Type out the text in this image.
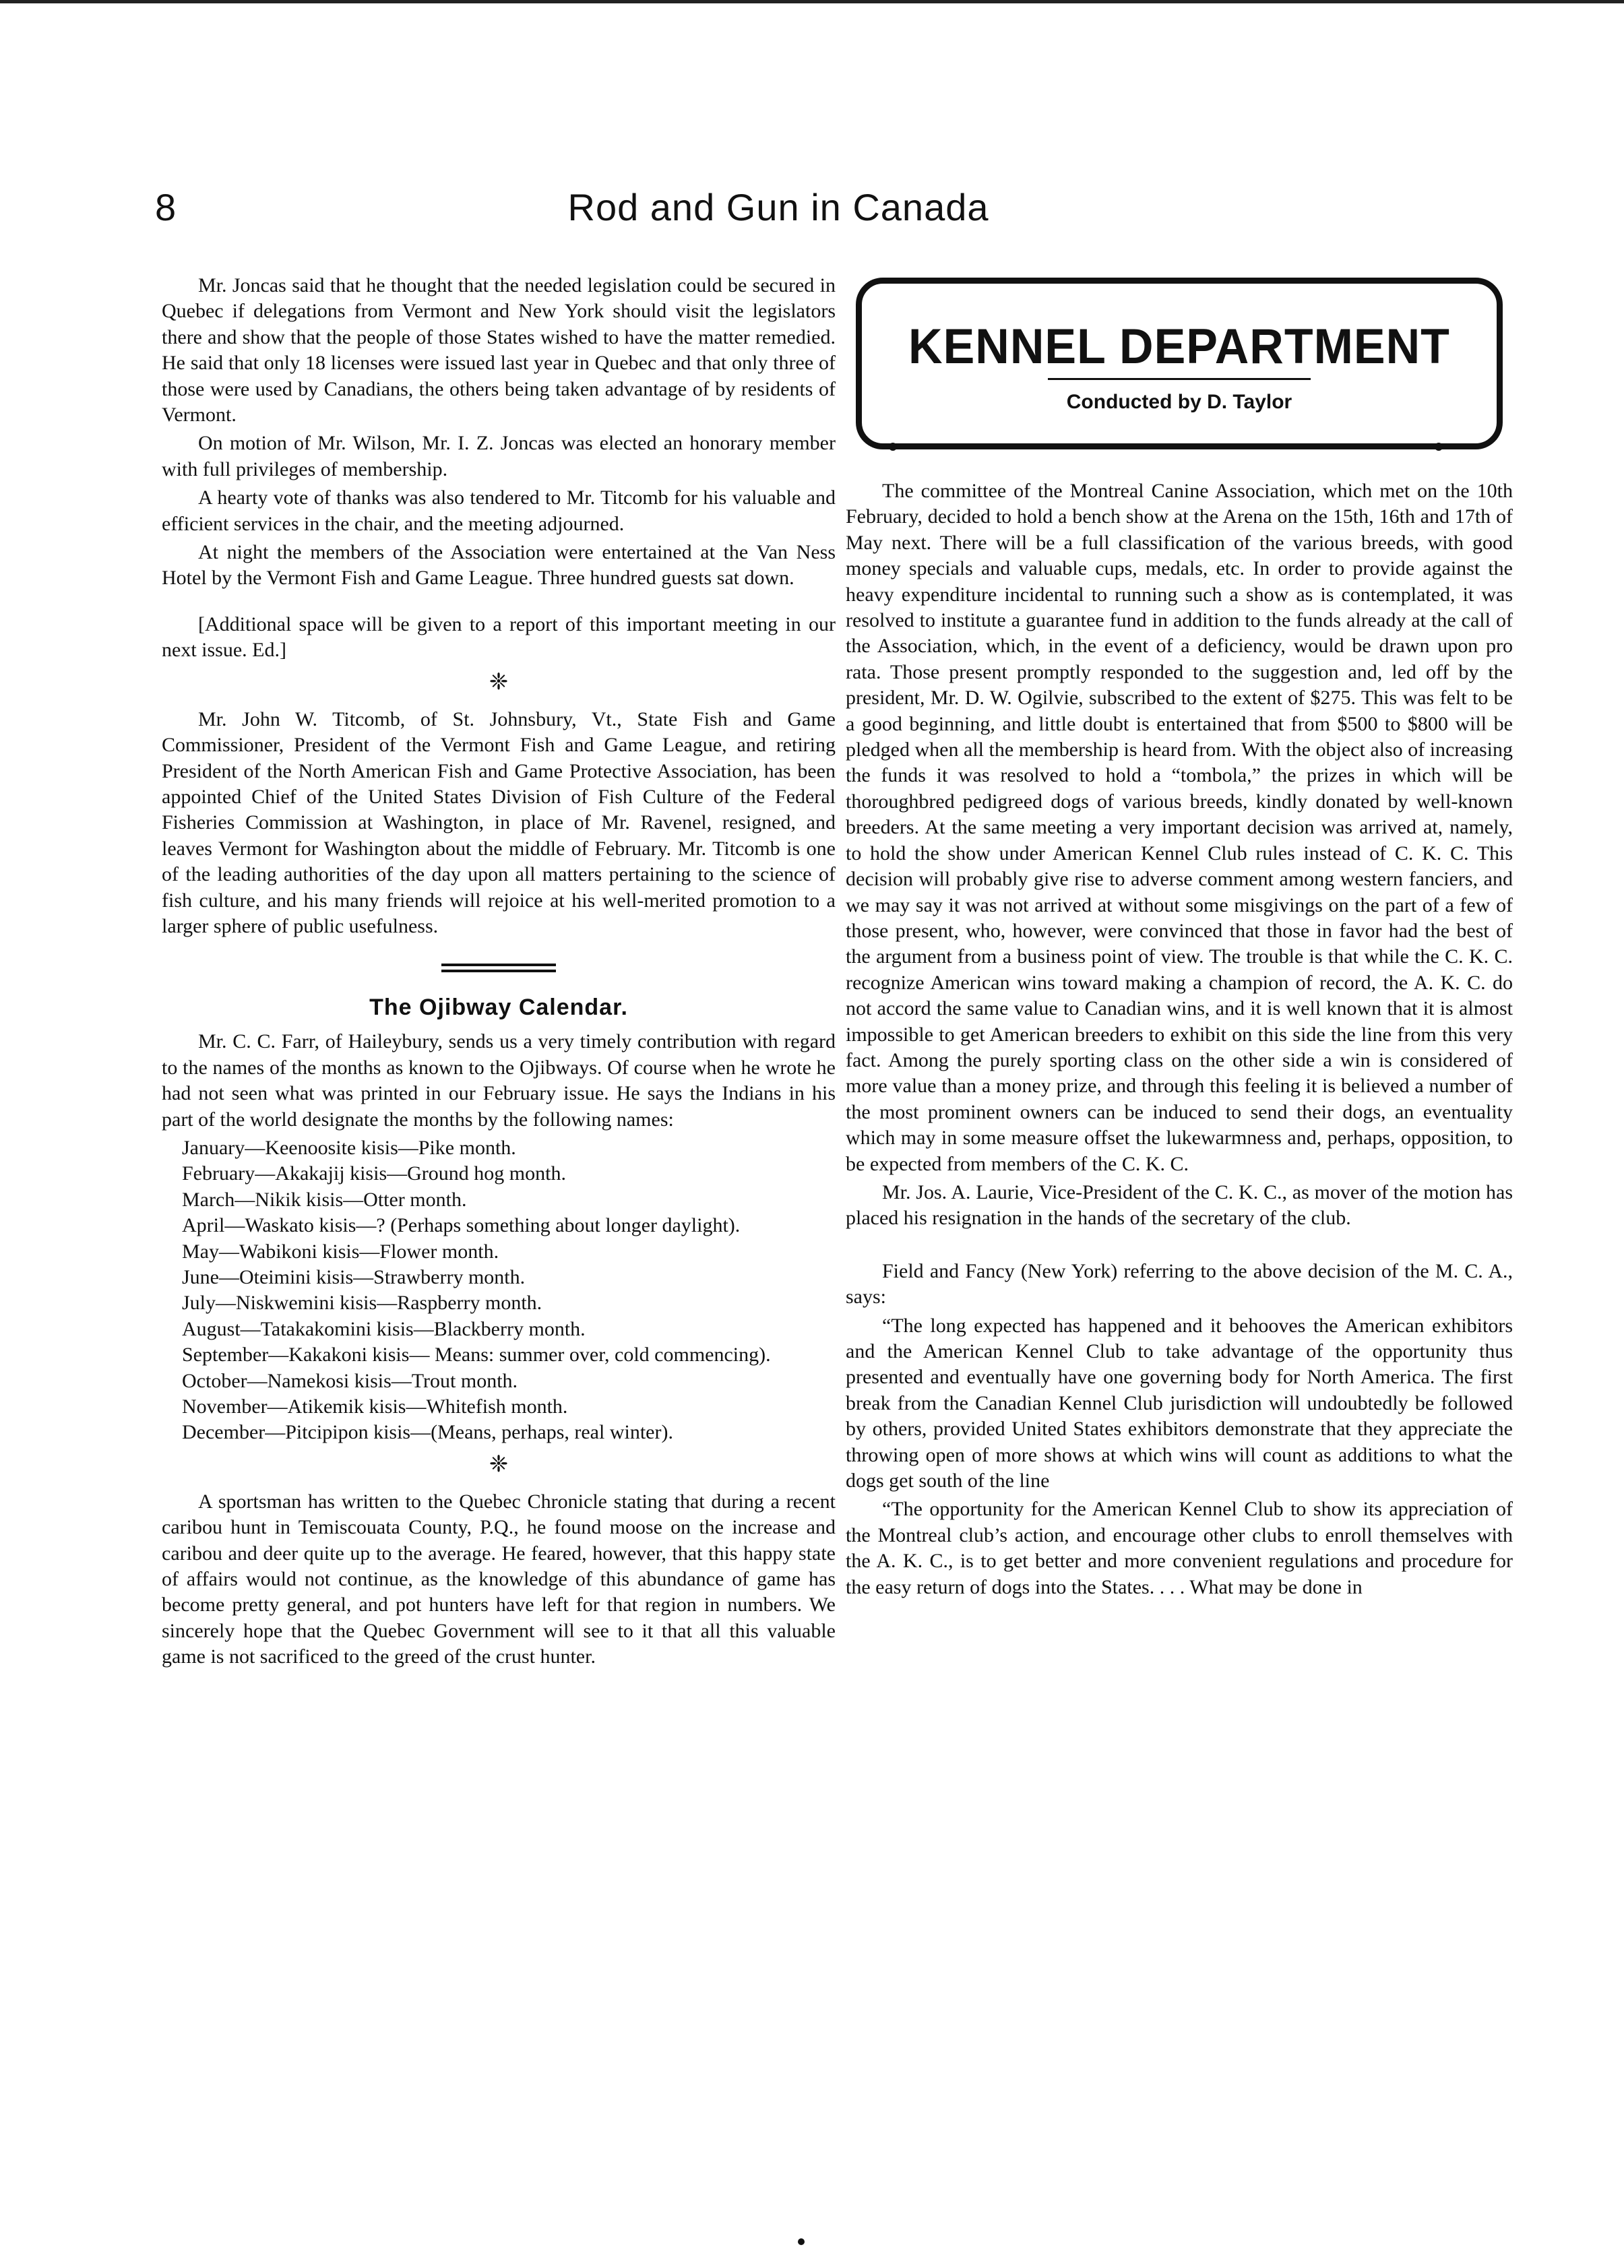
8	Rod and Gun in Canada

Mr. Joncas said that he thought that the needed legislation could be secured in Quebec if delegations from Vermont and New York should visit the legislators there and show that the people of those States wished to have the matter remedied. He said that only 18 licenses were issued last year in Quebec and that only three of those were used by Canadians, the others being taken advantage of by residents of Vermont.

On motion of Mr. Wilson, Mr. I. Z. Joncas was elected an honorary member with full privileges of membership.

A hearty vote of thanks was also tendered to Mr. Titcomb for his valuable and efficient services in the chair, and the meeting adjourned.

At night the members of the Association were entertained at the Van Ness Hotel by the Vermont Fish and Game League. Three hundred guests sat down.

[Additional space will be given to a report of this important meeting in our next issue. Ed.]

❈

Mr. John W. Titcomb, of St. Johnsbury, Vt., State Fish and Game Commissioner, President of the Vermont Fish and Game League, and retiring President of the North American Fish and Game Protective Association, has been appointed Chief of the United States Division of Fish Culture of the Federal Fisheries Commission at Washington, in place of Mr. Ravenel, resigned, and leaves Vermont for Washington about the middle of February. Mr. Titcomb is one of the leading authorities of the day upon all matters pertaining to the science of fish culture, and his many friends will rejoice at his well-merited promotion to a larger sphere of public usefulness.

The Ojibway Calendar.

Mr. C. C. Farr, of Haileybury, sends us a very timely contribution with regard to the names of the months as known to the Ojibways. Of course when he wrote he had not seen what was printed in our February issue. He says the Indians in his part of the world designate the months by the following names:

January—Keenoosite kisis—Pike month.

February—Akakajij kisis—Ground hog month.

March—Nikik kisis—Otter month.

April—Waskato kisis—? (Perhaps something about longer daylight).

May—Wabikoni kisis—Flower month.

June—Oteimini kisis—Strawberry month.

July—Niskwemini kisis—Raspberry month.

August—Tatakakomini kisis—Blackberry month.

September—Kakakoni kisis— Means: summer over, cold commencing).

October—Namekosi kisis—Trout month.

November—Atikemik kisis—Whitefish month.

December—Pitcipipon kisis—(Means, perhaps, real winter).

❈

A sportsman has written to the Quebec Chronicle stating that during a recent caribou hunt in Temiscouata County, P.Q., he found moose on the increase and caribou and deer quite up to the average. He feared, however, that this happy state of affairs would not continue, as the knowledge of this abundance of game has become pretty general, and pot hunters have left for that region in numbers. We sincerely hope that the Quebec Government will see to it that all this valuable game is not sacrificed to the greed of the crust hunter.

KENNEL DEPARTMENT
Conducted by D. Taylor

The committee of the Montreal Canine Association, which met on the 10th February, decided to hold a bench show at the Arena on the 15th, 16th and 17th of May next. There will be a full classification of the various breeds, with good money specials and valuable cups, medals, etc. In order to provide against the heavy expenditure incidental to running such a show as is contemplated, it was resolved to institute a guarantee fund in addition to the funds already at the call of the Association, which, in the event of a deficiency, would be drawn upon pro rata. Those present promptly responded to the suggestion and, led off by the president, Mr. D. W. Ogilvie, subscribed to the extent of $275. This was felt to be a good beginning, and little doubt is entertained that from $500 to $800 will be pledged when all the membership is heard from. With the object also of increasing the funds it was resolved to hold a “tombola,” the prizes in which will be thoroughbred pedigreed dogs of various breeds, kindly donated by well-known breeders. At the same meeting a very important decision was arrived at, namely, to hold the show under American Kennel Club rules instead of C. K. C. This decision will probably give rise to adverse comment among western fanciers, and we may say it was not arrived at without some misgivings on the part of a few of those present, who, however, were convinced that those in favor had the best of the argument from a business point of view. The trouble is that while the C. K. C. recognize American wins toward making a champion of record, the A. K. C. do not accord the same value to Canadian wins, and it is well known that it is almost impossible to get American breeders to exhibit on this side the line from this very fact. Among the purely sporting class on the other side a win is considered of more value than a money prize, and through this feeling it is believed a number of the most prominent owners can be induced to send their dogs, an eventuality which may in some measure offset the lukewarmness and, perhaps, opposition, to be expected from members of the C. K. C.

Mr. Jos. A. Laurie, Vice-President of the C. K. C., as mover of the motion has placed his resignation in the hands of the secretary of the club.

Field and Fancy (New York) referring to the above decision of the M. C. A., says:

“The long expected has happened and it behooves the American exhibitors and the American Kennel Club to take advantage of the opportunity thus presented and eventually have one governing body for North America. The first break from the Canadian Kennel Club jurisdiction will undoubtedly be followed by others, provided United States exhibitors demonstrate that they appreciate the throwing open of more shows at which wins will count as additions to what the dogs get south of the line

“The opportunity for the American Kennel Club to show its appreciation of the Montreal club’s action, and encourage other clubs to enroll themselves with the A. K. C., is to get better and more convenient regulations and procedure for the easy return of dogs into the States. . . . What may be done in
